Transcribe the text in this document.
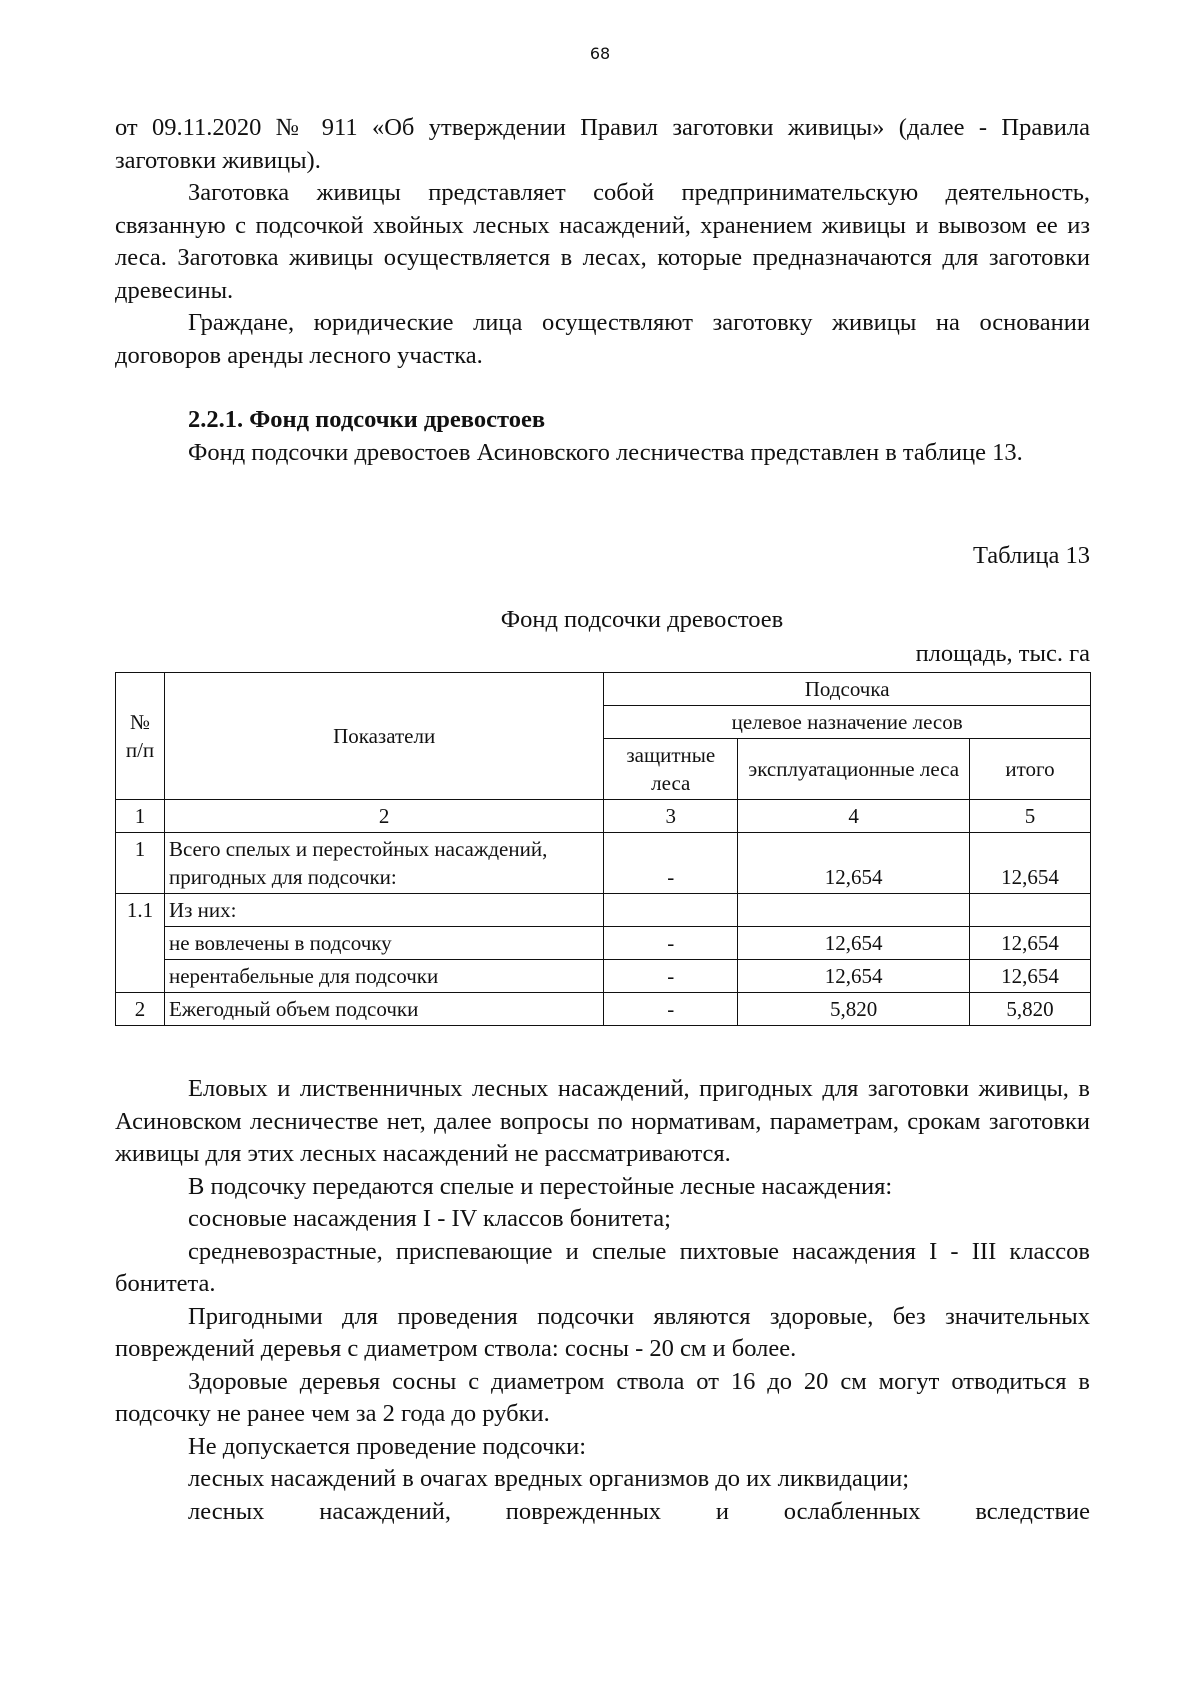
68

от 09.11.2020 № 911 «Об утверждении Правил заготовки живицы» (далее - Правила заготовки живицы).

Заготовка живицы представляет собой предпринимательскую деятельность, связанную с подсочкой хвойных лесных насаждений, хранением живицы и вывозом ее из леса. Заготовка живицы осуществляется в лесах, которые предназначаются для заготовки древесины.

Граждане, юридические лица осуществляют заготовку живицы на основании договоров аренды лесного участка.

2.2.1. Фонд подсочки древостоев

Фонд подсочки древостоев Асиновского лесничества представлен в таблице 13.

Таблица 13
Фонд подсочки древостоев
площадь, тыс. га
№ п/п	Показатели	Подсочка		
		целевое назначение лесов		
		защитные леса	эксплуатационные леса	итого
1	2	3	4	5
1	Всего спелых и перестойных насаждений, пригодных для подсочки:	-	12,654	12,654
1.1	Из них:			
	не вовлечены в подсочку	-	12,654	12,654
	нерентабельные для подсочки	-	12,654	12,654
2	Ежегодный объем подсочки	-	5,820	5,820

Еловых и лиственничных лесных насаждений, пригодных для заготовки живицы, в Асиновском лесничестве нет, далее вопросы по нормативам, параметрам, срокам заготовки живицы для этих лесных насаждений не рассматриваются.

В подсочку передаются спелые и перестойные лесные насаждения:

сосновые насаждения I - IV классов бонитета;

средневозрастные, приспевающие и спелые пихтовые насаждения I - III классов бонитета.

Пригодными для проведения подсочки являются здоровые, без значительных повреждений деревья с диаметром ствола: сосны - 20 см и более.

Здоровые деревья сосны с диаметром ствола от 16 до 20 см могут отводиться в подсочку не ранее чем за 2 года до рубки.

Не допускается проведение подсочки:

лесных насаждений в очагах вредных организмов до их ликвидации;

лесных насаждений, поврежденных и ослабленных вследствие
